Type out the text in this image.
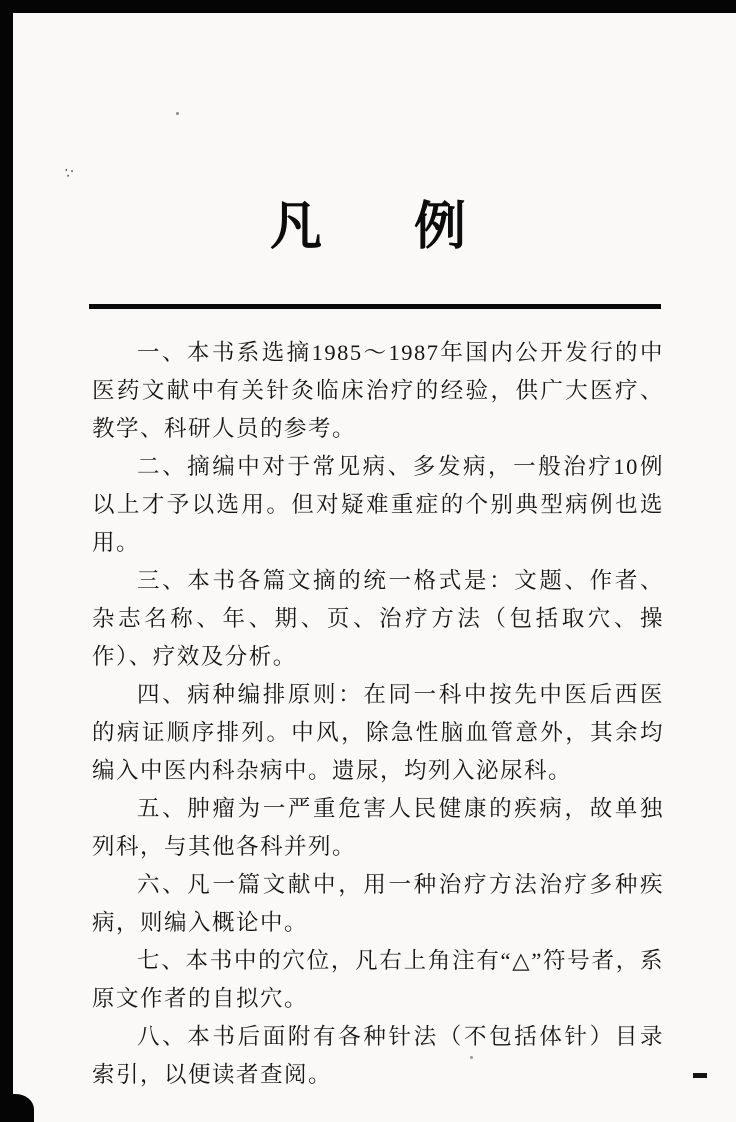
∵
凡 例

一、本书系选摘1985～1987年国内公开发行的中医药文献中有关针灸临床治疗的经验，供广大医疗、教学、科研人员的参考。

二、摘编中对于常见病、多发病，一般治疗10例以上才予以选用。但对疑难重症的个别典型病例也选用。

三、本书各篇文摘的统一格式是：文题、作者、杂志名称、年、期、页、治疗方法（包括取穴、操作）、疗效及分析。

四、病种编排原则：在同一科中按先中医后西医的病证顺序排列。中风，除急性脑血管意外，其余均编入中医内科杂病中。遗尿，均列入泌尿科。

五、肿瘤为一严重危害人民健康的疾病，故单独列科，与其他各科并列。

六、凡一篇文献中，用一种治疗方法治疗多种疾病，则编入概论中。

七、本书中的穴位，凡右上角注有“△”符号者，系原文作者的自拟穴。

八、本书后面附有各种针法（不包括体针）目录索引，以便读者查阅。
